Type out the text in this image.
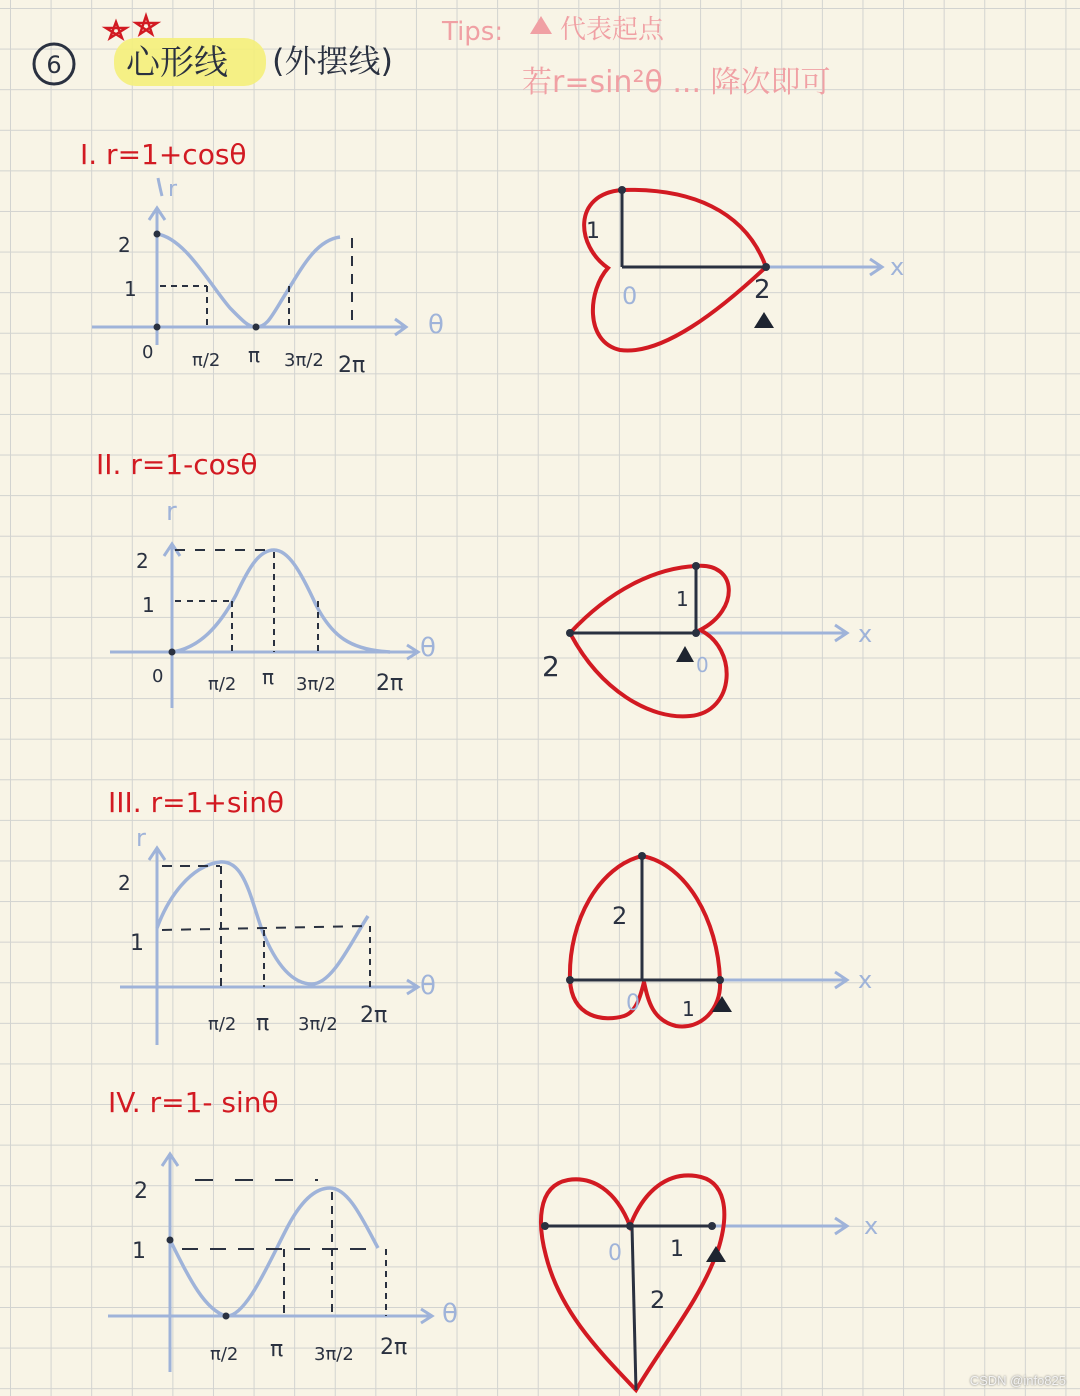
6 心形线 (外摆线)
Tips: 代表起点
若r=sin²θ ... 降次即可
I. r=1+cosθ
r
θ
2
1
0 π/2 π 3π/2 2π
x
1
0	2
II. r=1-cosθ
r
θ
2
1
0 π/2 π 3π/2 2π
x
1
0
2
III. r=1+sinθ
r
θ
2
1
π/2 π 3π/2 2π
x
2
0 1
IV. r=1- sinθ
θ
2
1
π/2 π 3π/2 2π
x
0 1
2
CSDN @info825
